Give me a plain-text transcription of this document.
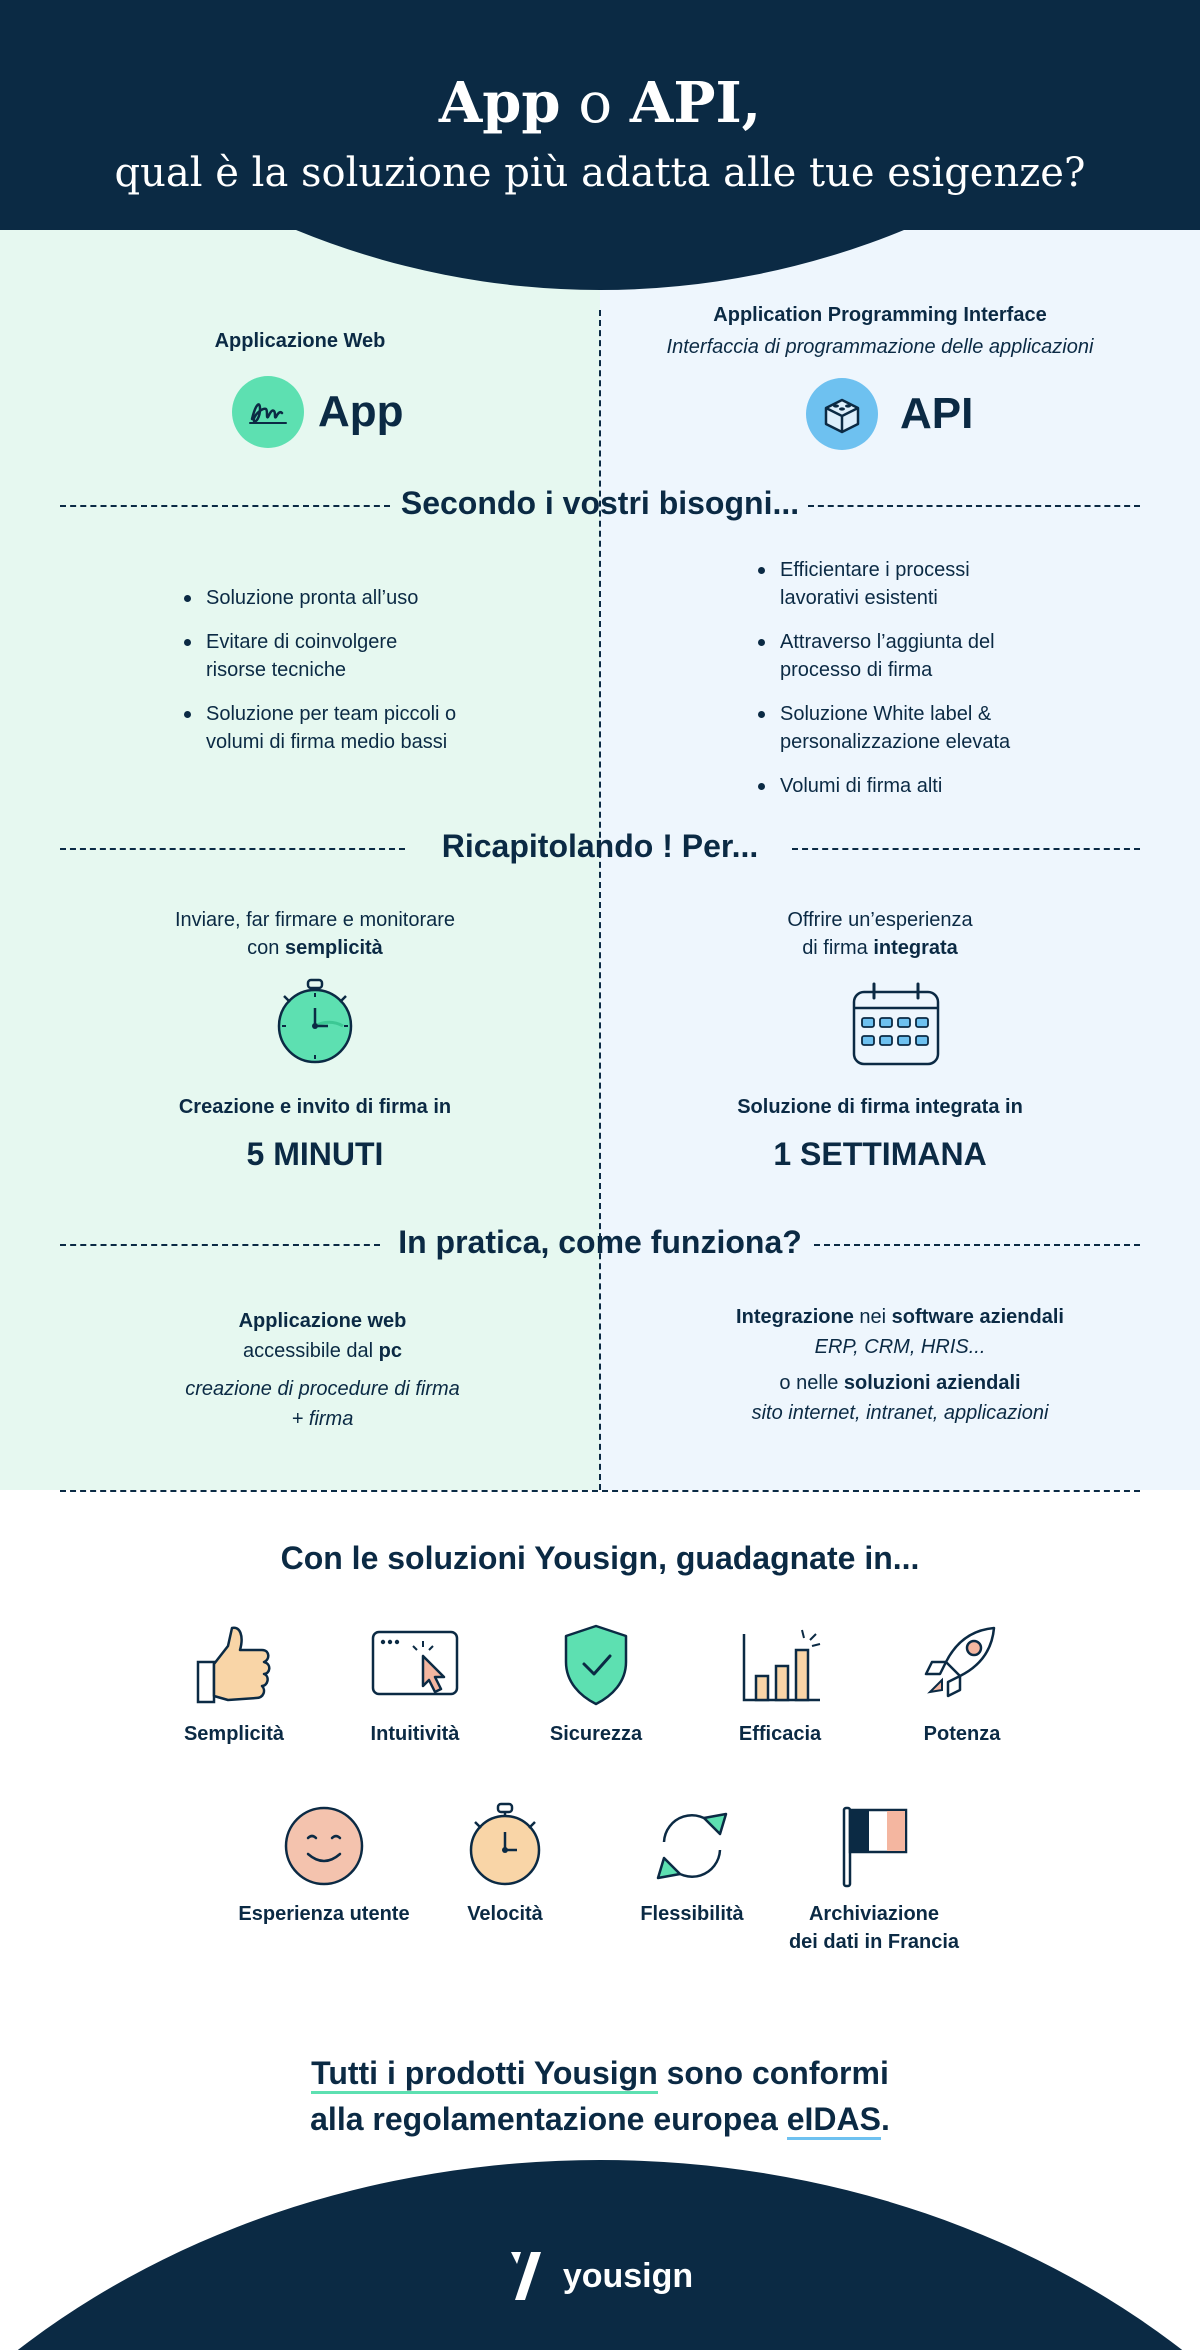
App o API,
qual è la soluzione più adatta alle tue esigenze?
Applicazione Web
App
Application Programming Interface
Interfaccia di programmazione delle applicazioni
API
Secondo i vostri bisogni...
Soluzione pronta all’uso
Evitare di coinvolgere risorse tecniche
Soluzione per team piccoli o volumi di firma medio bassi
Efficientare i processi lavorativi esistenti
Attraverso l’aggiunta del processo di firma
Soluzione White label & personalizzazione elevata
Volumi di firma alti
Ricapitolando ! Per...
Inviare, far firmare e monitorare
con semplicità
Creazione e invito di firma in
5 MINUTI
Offrire un’esperienza
di firma integrata
Soluzione di firma integrata in
1 SETTIMANA
In pratica, come funziona?
Applicazione web
accessibile dal pc
creazione di procedure di firma
+ firma
Integrazione nei software aziendali
ERP, CRM, HRIS...
o nelle soluzioni aziendali
sito internet, intranet, applicazioni
Con le soluzioni Yousign, guadagnate in...
Semplicità	Intuitività	Sicurezza	Efficacia	Potenza
Esperienza utente	Velocità	Flessibilità	Archiviazione
dei dati in Francia
Tutti i prodotti Yousign sono conformi
alla regolamentazione europea eIDAS.
yousign
